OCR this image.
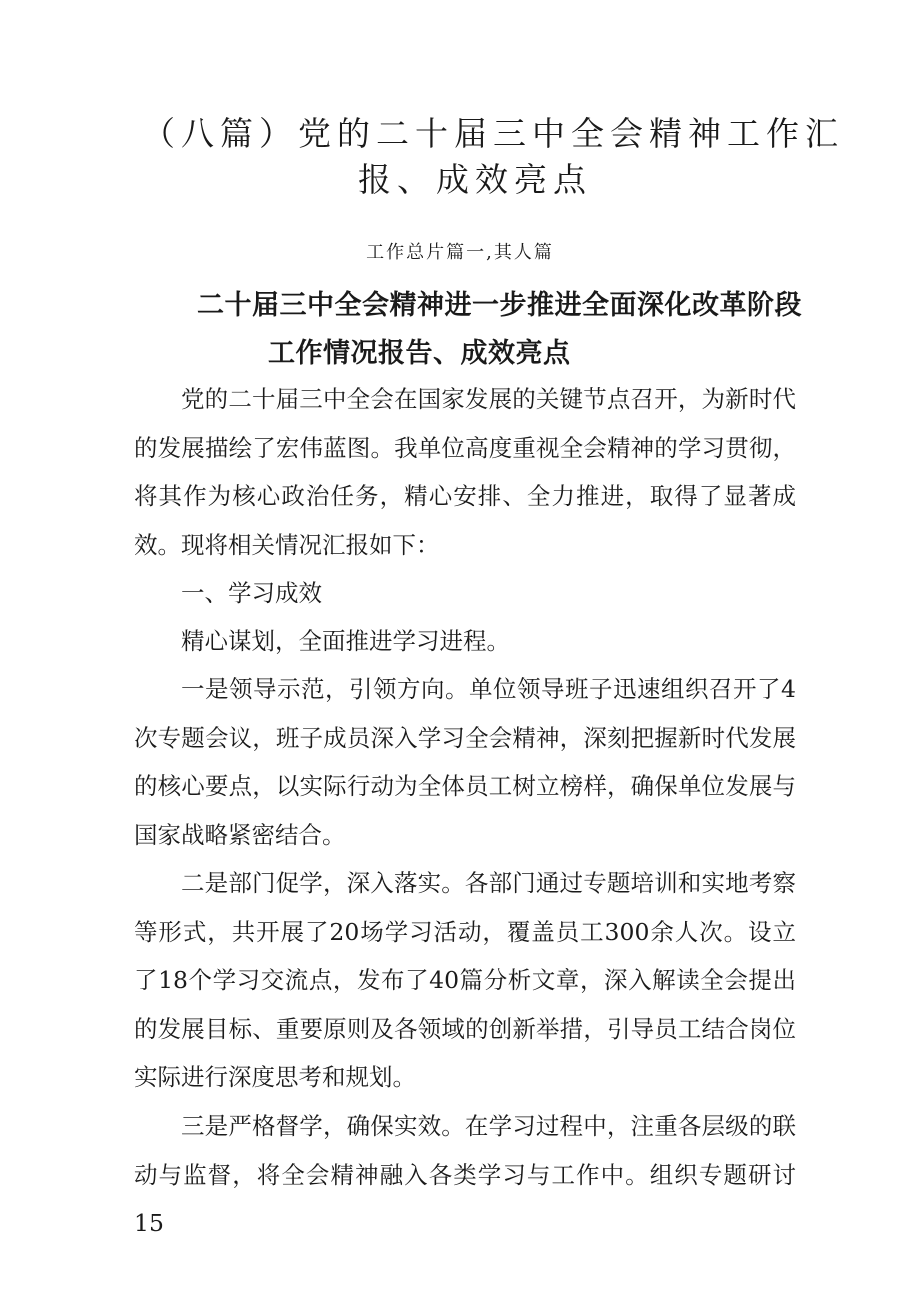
（八篇）党的二十届三中全会精神工作汇
报、成效亮点

工作总片篇一,其人篇

二十届三中全会精神进一步推进全面深化改革阶段
工作情况报告、成效亮点

党的二十届三中全会在国家发展的关键节点召开，为新时代的发展描绘了宏伟蓝图。我单位高度重视全会精神的学习贯彻，将其作为核心政治任务，精心安排、全力推进，取得了显著成效。现将相关情况汇报如下：

一、学习成效

精心谋划，全面推进学习进程。

一是领导示范，引领方向。单位领导班子迅速组织召开了4次专题会议，班子成员深入学习全会精神，深刻把握新时代发展的核心要点，以实际行动为全体员工树立榜样，确保单位发展与国家战略紧密结合。

二是部门促学，深入落实。各部门通过专题培训和实地考察等形式，共开展了20场学习活动，覆盖员工300余人次。设立了18个学习交流点，发布了40篇分析文章，深入解读全会提出的发展目标、重要原则及各领域的创新举措，引导员工结合岗位实际进行深度思考和规划。

三是严格督学，确保实效。在学习过程中，注重各层级的联动与监督，将全会精神融入各类学习与工作中。组织专题研讨15
